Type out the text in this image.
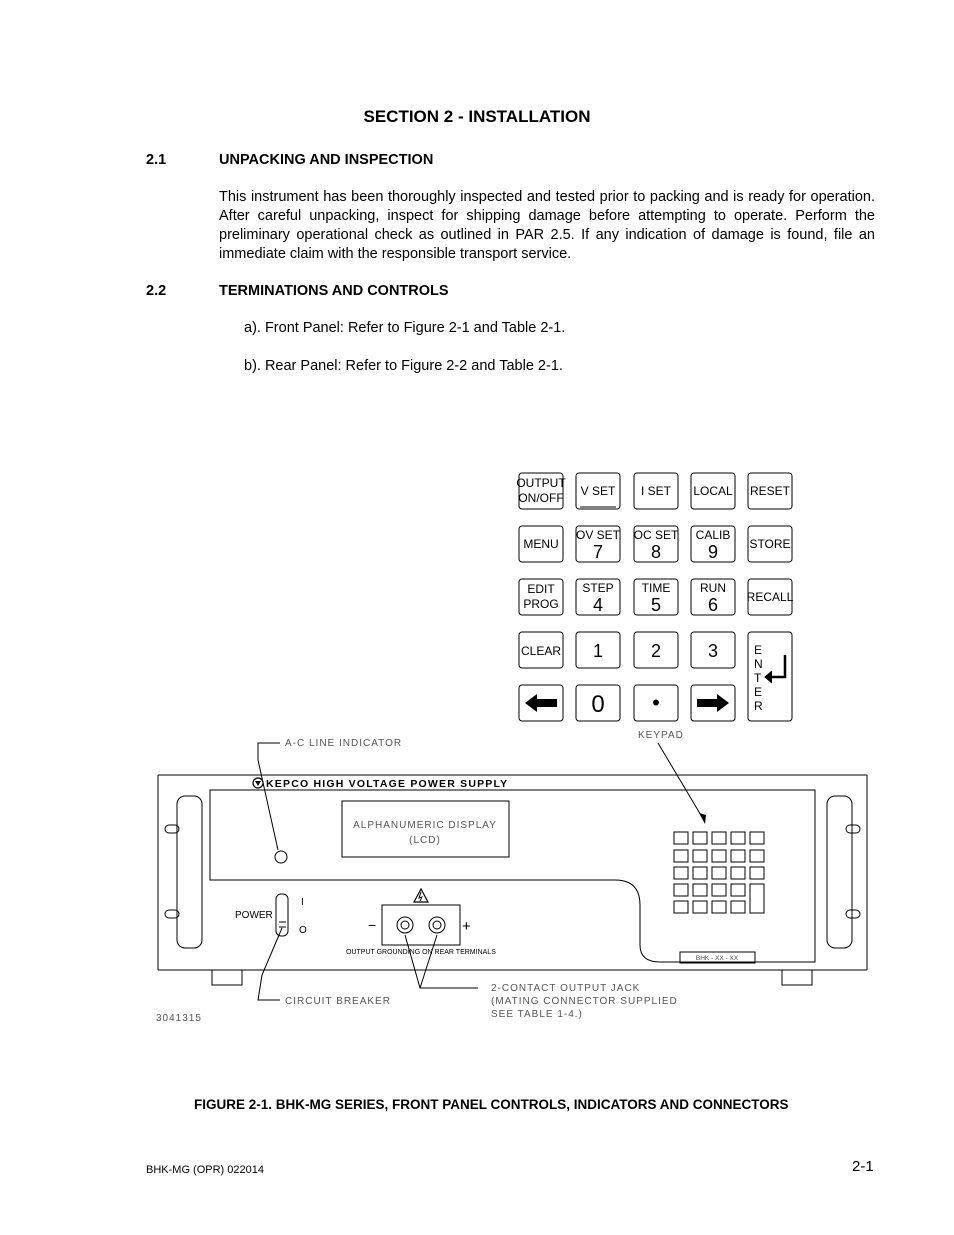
SECTION 2 - INSTALLATION
2.1	UNPACKING AND INSPECTION
This instrument has been thoroughly inspected and tested prior to packing and is ready for operation. After careful unpacking, inspect for shipping damage before attempting to operate. Perform the preliminary operational check as outlined in PAR 2.5. If any indication of damage is found, file an immediate claim with the responsible transport service.
2.2	TERMINATIONS AND CONTROLS
a). Front Panel: Refer to Figure 2-1 and Table 2-1.
b). Rear Panel: Refer to Figure 2-2 and Table 2-1.
OUTPUT
ON/OFF V SET I SET LOCAL RESET
MENU
OV SET
7
OC SET
8
CALIB
9	STORE
EDIT
PROG
STEP
4
TIME
5
RUN
6 RECALL
CLEAR 1	2	3	E
N
T
E
R
0 •
KEYPAD
A-C LINE INDICATOR
KEPCO HIGH VOLTAGE POWER SUPPLY
ALPHANUMERIC DISPLAY
(LCD)
POWER
I
O	−	+
OUTPUT GROUNDING ON REAR TERMINALS
BHK - XX - XX
CIRCUIT BREAKER
2-CONTACT OUTPUT JACK
(MATING CONNECTOR SUPPLIED
SEE TABLE 1-4.)
3041315
FIGURE 2-1. BHK-MG SERIES, FRONT PANEL CONTROLS, INDICATORS AND CONNECTORS
BHK-MG (OPR) 022014	2-1
